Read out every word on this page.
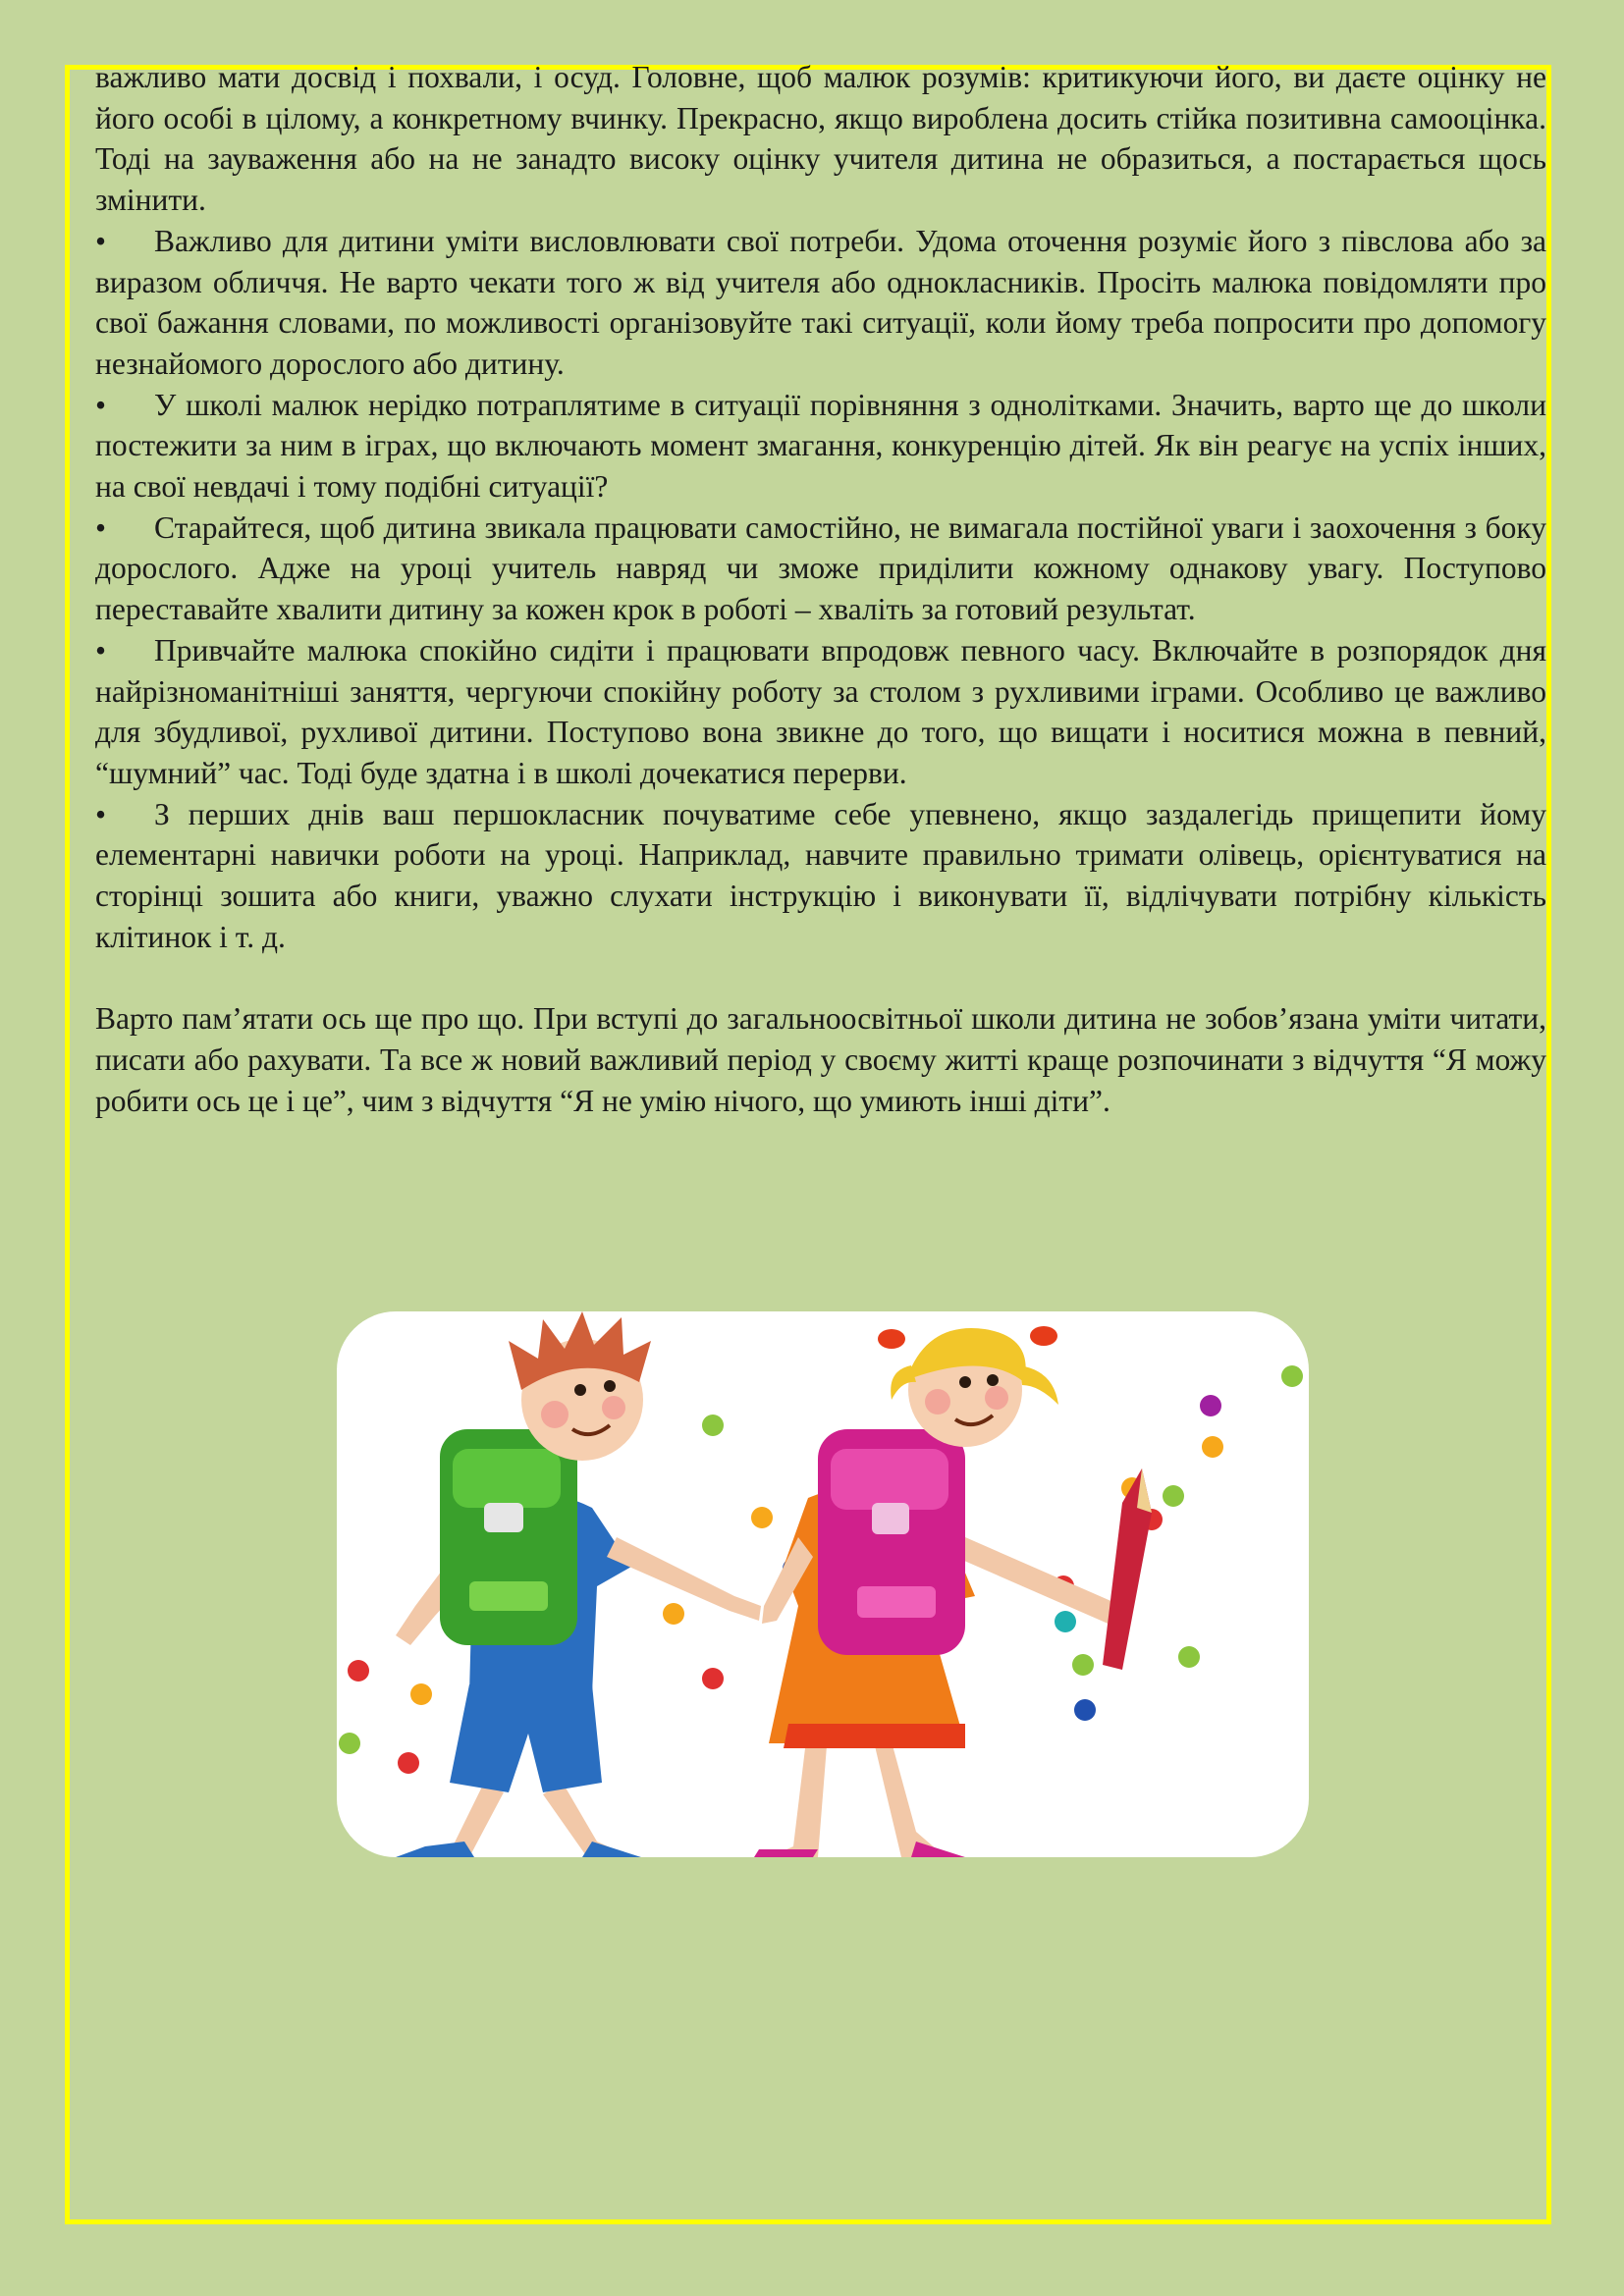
важливо мати досвід і похвали, і осуд. Головне, щоб малюк розумів: критикуючи його, ви даєте оцінку не його особі в цілому, а конкретному вчинку. Прекрасно, якщо вироблена досить стійка позитивна самооцінка. Тоді на зауваження або на не занадто високу оцінку учителя дитина не образиться, а постарається щось змінити.

• Важливо для дитини уміти висловлювати свої потреби. Удома оточення розуміє його з півслова або за виразом обличчя. Не варто чекати того ж від учителя або однокласників. Просіть малюка повідомляти про свої бажання словами, по можливості організовуйте такі ситуації, коли йому треба попросити про допомогу незнайомого дорослого або дитину.

• У школі малюк нерідко потраплятиме в ситуації порівняння з однолітками. Значить, варто ще до школи постежити за ним в іграх, що включають момент змагання, конкуренцію дітей. Як він реагує на успіх інших, на свої невдачі і тому подібні ситуації?

• Старайтеся, щоб дитина звикала працювати самостійно, не вимагала постійної уваги і заохочення з боку дорослого. Адже на уроці учитель навряд чи зможе приділити кожному однакову увагу. Поступово переставайте хвалити дитину за кожен крок в роботі – хваліть за готовий результат.

• Привчайте малюка спокійно сидіти і працювати впродовж певного часу. Включайте в розпорядок дня найрізноманітніші заняття, чергуючи спокійну роботу за столом з рухливими іграми. Особливо це важливо для збудливої, рухливої дитини. Поступово вона звикне до того, що вищати і носитися можна в певний, “шумний” час. Тоді буде здатна і в школі дочекатися перерви.

• З перших днів ваш першокласник почуватиме себе упевнено, якщо заздалегідь прищепити йому елементарні навички роботи на уроці. Наприклад, навчите правильно тримати олівець, орієнтуватися на сторінці зошита або книги, уважно слухати інструкцію і виконувати її, відлічувати потрібну кількість клітинок і т. д.

Варто пам’ятати ось ще про що. При вступі до загальноосвітньої школи дитина не зобов’язана уміти читати, писати або рахувати. Та все ж новий важливий період у своєму житті краще розпочинати з відчуття “Я можу робити ось це і це”, чим з відчуття “Я не умію нічого, що умиють інші діти”.
